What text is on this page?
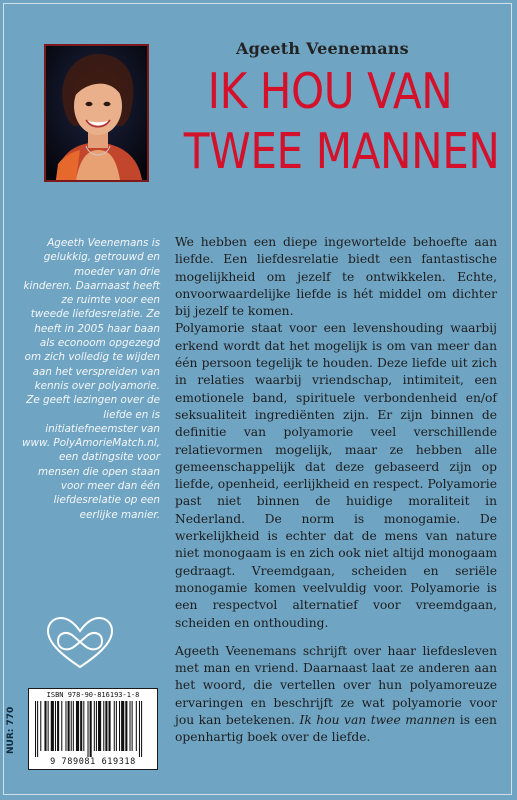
Ageeth Veenemans
IK HOU VAN
TWEE MANNEN
Ageeth Veenemans is gelukkig, getrouwd en moeder van drie kinderen. Daarnaast heeft ze ruimte voor een tweede liefdesrelatie. Ze heeft in 2005 haar baan als econoom opgezegd om zich volledig te wijden aan het verspreiden van kennis over polyamorie. Ze geeft lezingen over de liefde en is initiatiefneemster van www. PolyAmorieMatch.nl, een datingsite voor mensen die open staan voor meer dan één liefdesrelatie op een eerlijke manier.

We hebben een diepe ingewortelde behoefte aan liefde. Een liefdesrelatie biedt een fantastische mogelijkheid om jezelf te ontwikkelen. Echte, onvoorwaardelijke liefde is hét middel om dichter bij jezelf te komen.

Polyamorie staat voor een levenshouding waarbij erkend wordt dat het mogelijk is om van meer dan één persoon tegelijk te houden. Deze liefde uit zich in relaties waarbij vriendschap, intimiteit, een emotionele band, spirituele verbondenheid en/of seksualiteit ingrediënten zijn. Er zijn binnen de definitie van polyamorie veel verschillende relatievormen mogelijk, maar ze hebben alle gemeenschappelijk dat deze gebaseerd zijn op liefde, openheid, eerlijkheid en respect. Polyamorie past niet binnen de huidige moraliteit in Nederland. De norm is monogamie. De werkelijkheid is echter dat de mens van nature niet monogaam is en zich ook niet altijd monogaam gedraagt. Vreemdgaan, scheiden en seriële monogamie komen veelvuldig voor. Polyamorie is een respectvol alternatief voor vreemdgaan, scheiden en onthouding.

Ageeth Veenemans schrijft over haar liefdesleven met man en vriend. Daarnaast laat ze anderen aan het woord, die vertellen over hun polyamoreuze ervaringen en beschrijft ze wat polyamorie voor jou kan betekenen. Ik hou van twee mannen is een openhartig boek over de liefde.

ISBN 978-90-816193-1-8
9 789081 619318
NUR: 770
